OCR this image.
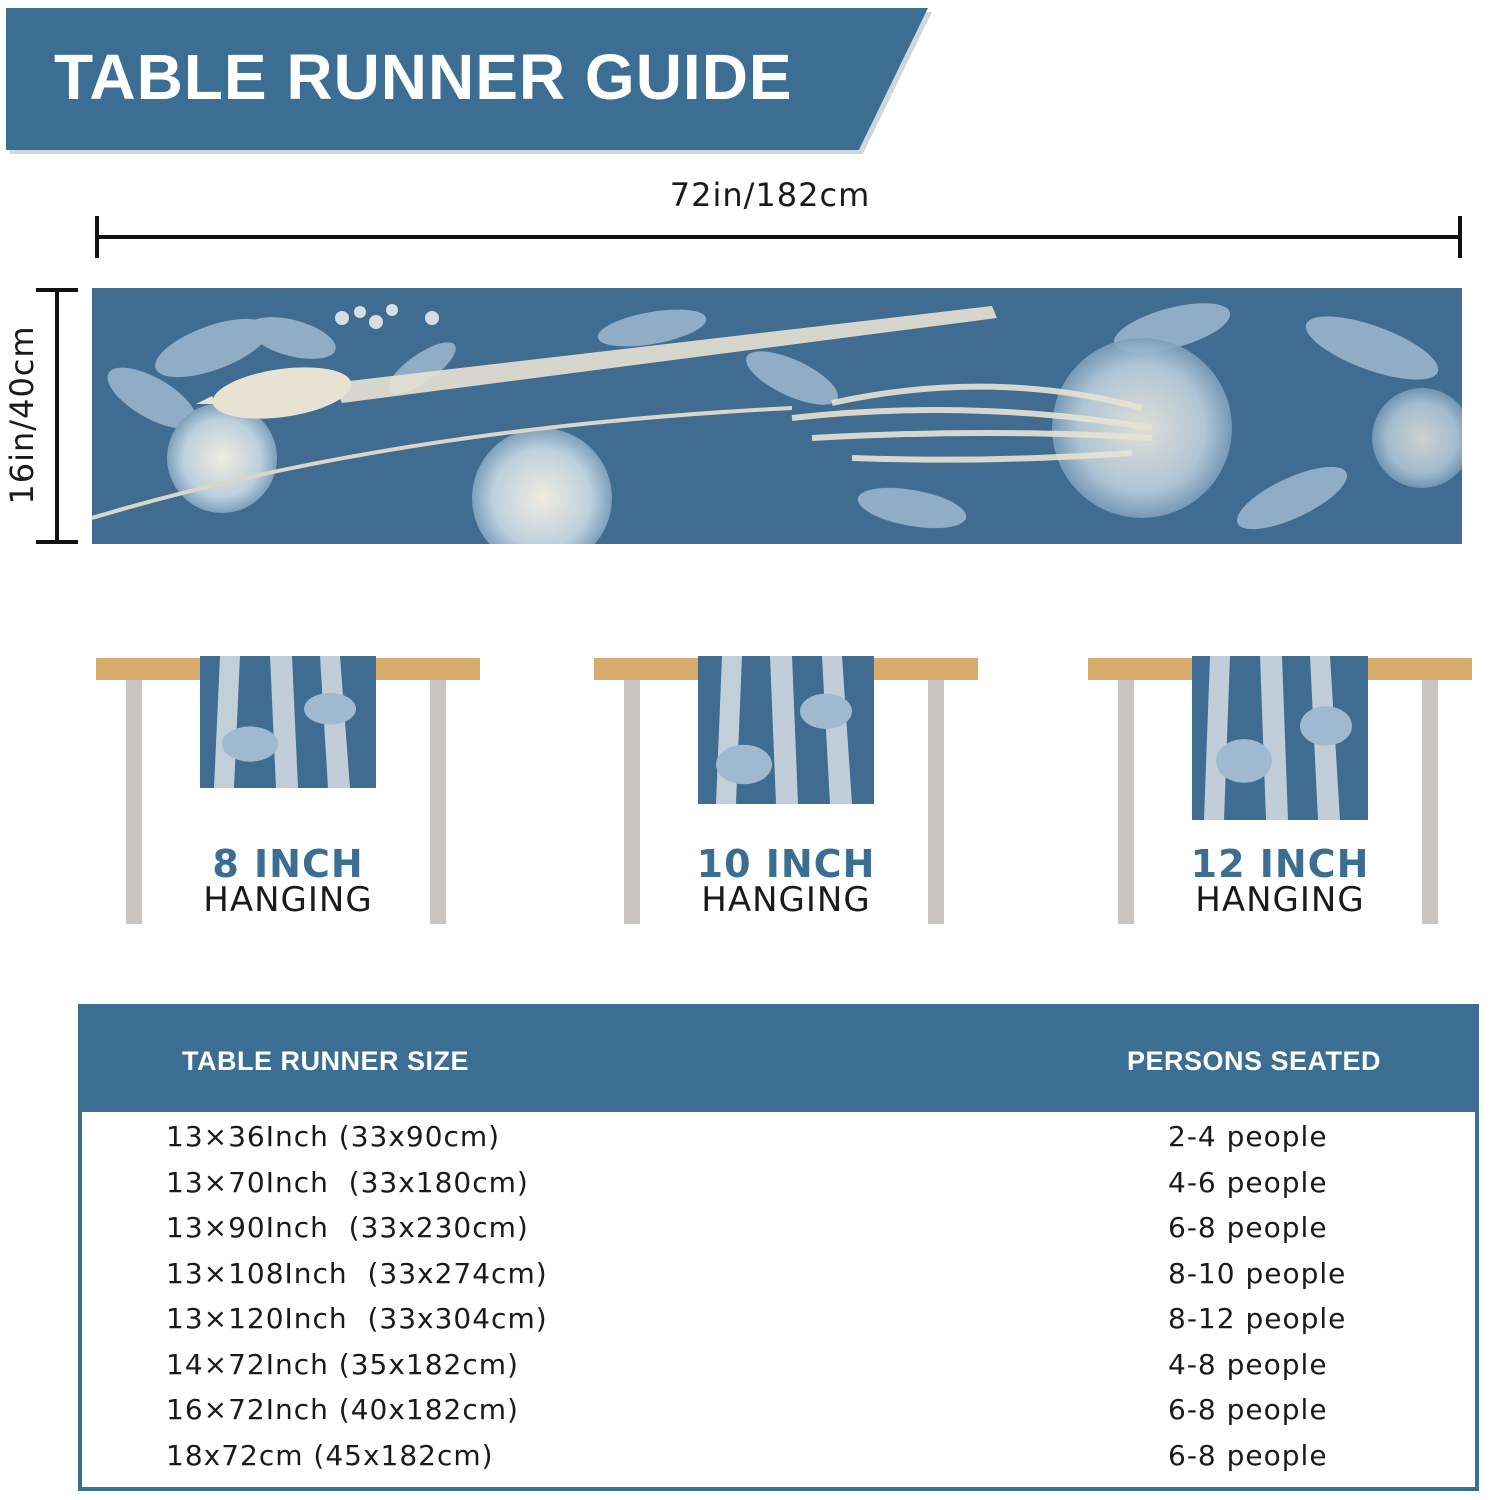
TABLE RUNNER GUIDE
72in/182cm
16in/40cm
8 INCH
HANGING
10 INCH
HANGING
12 INCH
HANGING
TABLE RUNNER SIZE	PERSONS SEATED
13×36Inch (33x90cm)	2-4 people
13×70Inch  (33x180cm)	4-6 people
13×90Inch  (33x230cm)	6-8 people
13×108Inch  (33x274cm)	8-10 people
13×120Inch  (33x304cm)	8-12 people
14×72Inch (35x182cm)	4-8 people
16×72Inch (40x182cm)	6-8 people
18x72cm (45x182cm)	6-8 people
